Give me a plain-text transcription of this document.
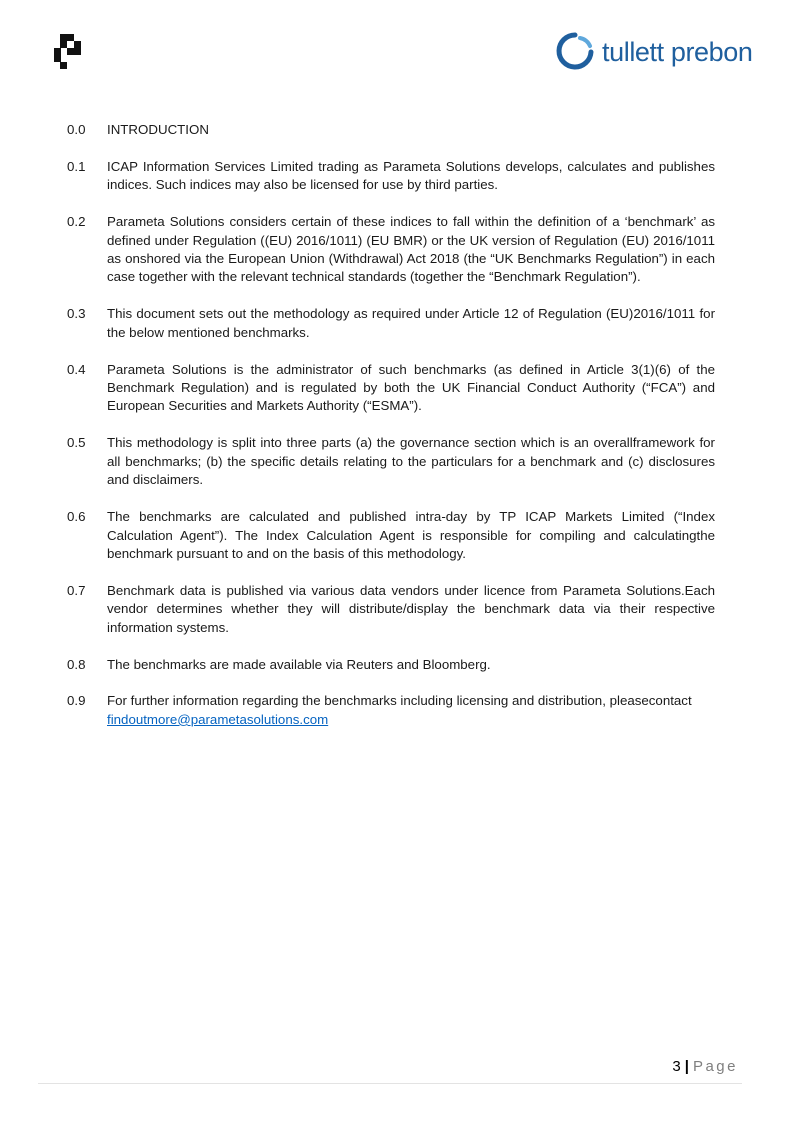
tullett prebon
0.0	INTRODUCTION
0.1	ICAP Information Services Limited trading as Parameta Solutions develops, calculates and publishes indices. Such indices may also be licensed for use by third parties.
0.2	Parameta Solutions considers certain of these indices to fall within the definition of a ‘benchmark’ as defined under Regulation ((EU) 2016/1011) (EU BMR) or the UK version of Regulation (EU) 2016/1011 as onshored via the European Union (Withdrawal) Act 2018 (the “UK Benchmarks Regulation”) in each case together with the relevant technical standards (together the “Benchmark Regulation”).
0.3	This document sets out the methodology as required under Article 12 of Regulation (EU)2016/1011 for the below mentioned benchmarks.
0.4	Parameta Solutions is the administrator of such benchmarks (as defined in Article 3(1)(6) of the Benchmark Regulation) and is regulated by both the UK Financial Conduct Authority (“FCA”) and European Securities and Markets Authority (“ESMA”).
0.5	This methodology is split into three parts (a) the governance section which is an overallframework for all benchmarks; (b) the specific details relating to the particulars for a benchmark and (c) disclosures and disclaimers.
0.6	The benchmarks are calculated and published intra-day by TP ICAP Markets Limited (“Index Calculation Agent”). The Index Calculation Agent is responsible for compiling and calculatingthe benchmark pursuant to and on the basis of this methodology.
0.7	Benchmark data is published via various data vendors under licence from Parameta Solutions.Each vendor determines whether they will distribute/display the benchmark data via their respective information systems.
0.8	The benchmarks are made available via Reuters and Bloomberg.
0.9	For further information regarding the benchmarks including licensing and distribution, pleasecontact
findoutmore@parametasolutions.com
3 | Page
